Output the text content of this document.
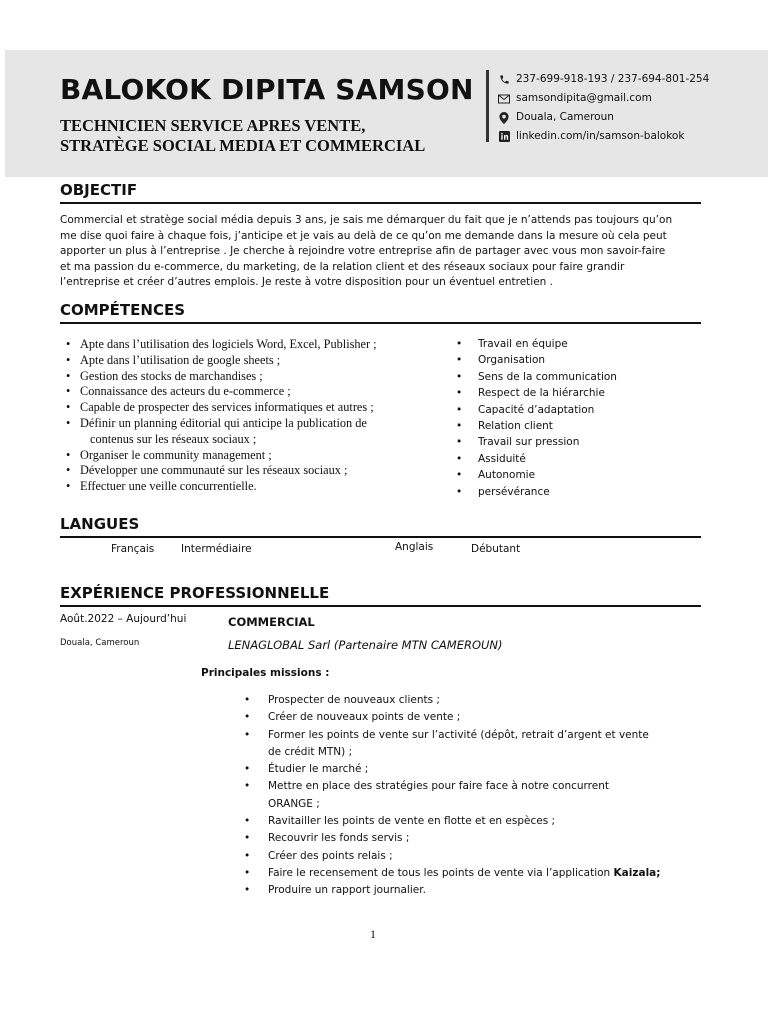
BALOKOK DIPITA SAMSON
TECHNICIEN SERVICE APRES VENTE,
STRATÈGE SOCIAL MEDIA ET COMMERCIAL
237-699-918-193 / 237-694-801-254
samsondipita@gmail.com
Douala, Cameroun
linkedin.com/in/samson-balokok
OBJECTIF
Commercial et stratège social média depuis 3 ans, je sais me démarquer du fait que je n’attends pas toujours qu’on
me dise quoi faire à chaque fois, j’anticipe et je vais au delà de ce qu’on me demande dans la mesure où cela peut
apporter un plus à l’entreprise . Je cherche à rejoindre votre entreprise afin de partager avec vous mon savoir-faire
et ma passion du e-commerce, du marketing, de la relation client et des réseaux sociaux pour faire grandir
l’entreprise et créer d’autres emplois. Je reste à votre disposition pour un éventuel entretien .
COMPÉTENCES
• Apte dans l’utilisation des logiciels Word, Excel, Publisher ;
• Apte dans l’utilisation de google sheets ;
• Gestion des stocks de marchandises ;
• Connaissance des acteurs du e-commerce ;
• Capable de prospecter des services informatiques et autres ;
• Définir un planning éditorial qui anticipe la publication de
contenus sur les réseaux sociaux ;
• Organiser le community management ;
• Développer une communauté sur les réseaux sociaux ;
• Effectuer une veille concurrentielle.
• Travail en équipe
• Organisation
• Sens de la communication
• Respect de la hiérarchie
• Capacité d’adaptation
• Relation client
• Travail sur pression
• Assiduité
• Autonomie
• persévérance
LANGUES
Français	Intermédiaire	Anglais	Débutant
EXPÉRIENCE PROFESSIONNELLE
Août.2022 – Aujourd’hui
Douala, Cameroun
COMMERCIAL
LENAGLOBAL Sarl (Partenaire MTN CAMEROUN)
Principales missions :
• Prospecter de nouveaux clients ;
• Créer de nouveaux points de vente ;
• Former les points de vente sur l’activité (dépôt, retrait d’argent et vente
de crédit MTN) ;
• Étudier le marché ;
• Mettre en place des stratégies pour faire face à notre concurrent
ORANGE ;
• Ravitailler les points de vente en flotte et en espèces ;
• Recouvrir les fonds servis ;
• Créer des points relais ;
• Faire le recensement de tous les points de vente via l’application Kaizala;
• Produire un rapport journalier.
1
